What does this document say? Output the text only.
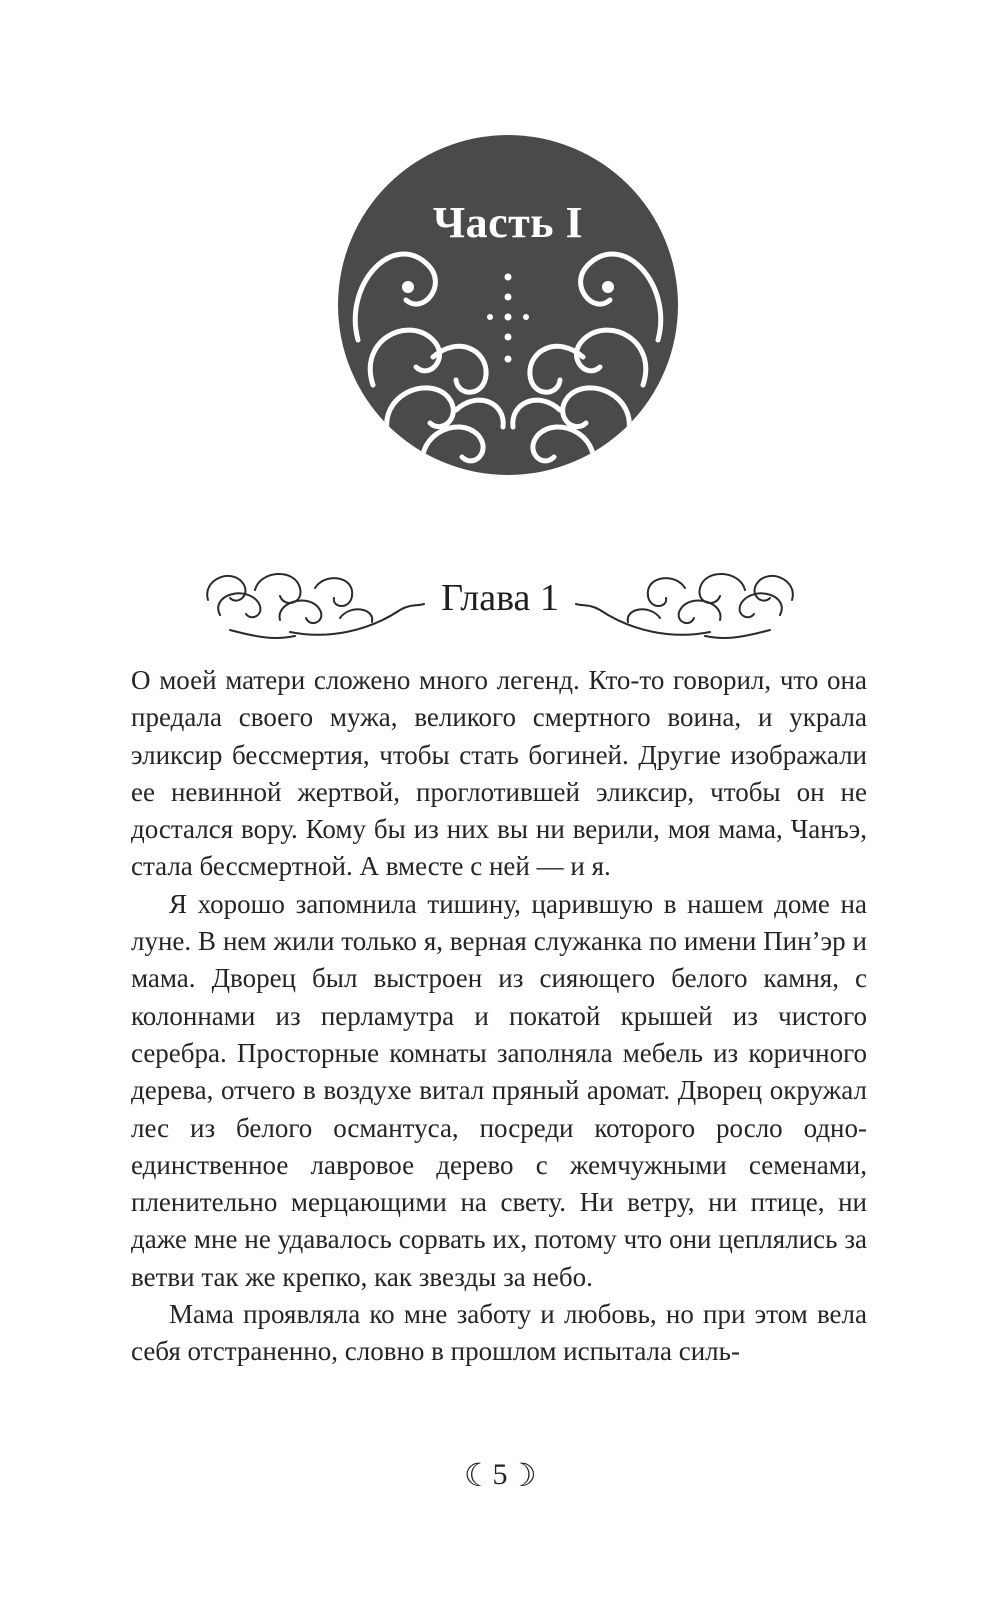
Часть I
Глава 1

О моей матери сложено много легенд. Кто-то говорил, что она предала своего мужа, великого смертного воина, и украла эликсир бессмертия, чтобы стать богиней. Другие изображали ее невинной жертвой, проглотившей эликсир, чтобы он не достался вору. Кому бы из них вы ни верили, моя мама, Чанъэ, стала бессмертной. А вместе с ней — и я.

Я хорошо запомнила тишину, царившую в нашем доме на луне. В нем жили только я, верная служанка по имени Пин’эр и мама. Дворец был выстроен из сияющего белого камня, с колоннами из перламутра и покатой крышей из чистого серебра. Просторные комнаты заполняла мебель из коричного дерева, отчего в воздухе витал пряный аромат. Дворец окружал лес из белого османтуса, посреди которого росло одно-единственное лавровое дерево с жемчужными семенами, пленительно мерцающими на свету. Ни ветру, ни птице, ни даже мне не удавалось сорвать их, потому что они цеплялись за ветви так же крепко, как звезды за небо.

Мама проявляла ко мне заботу и любовь, но при этом вела себя отстраненно, словно в прошлом испытала силь-

☾5☾
